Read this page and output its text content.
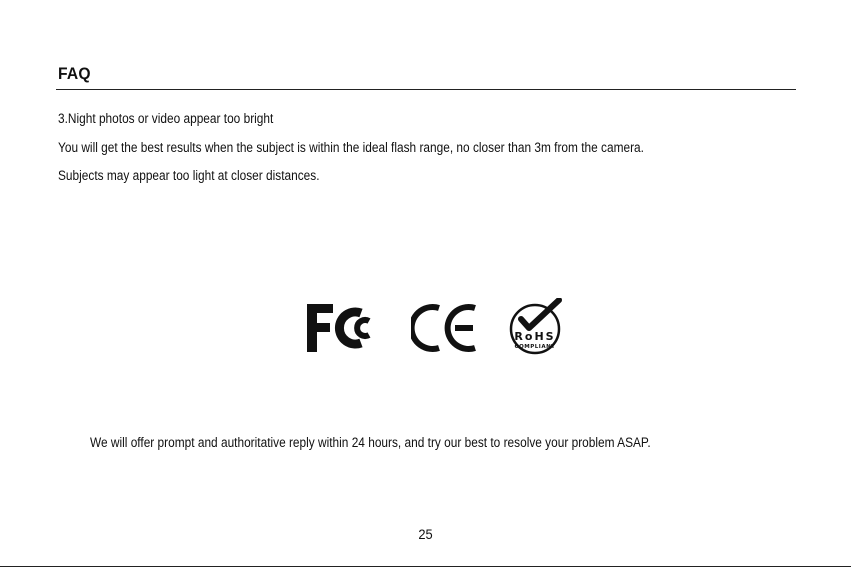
FAQ
3.Night photos or video appear too bright
You will get the best results when the subject is within the ideal flash range, no closer than 3m from the camera.
Subjects may appear too light at closer distances.
RoHS
COMPLIANT
We will offer prompt and authoritative reply within 24 hours, and try our best to resolve your problem ASAP.
25
